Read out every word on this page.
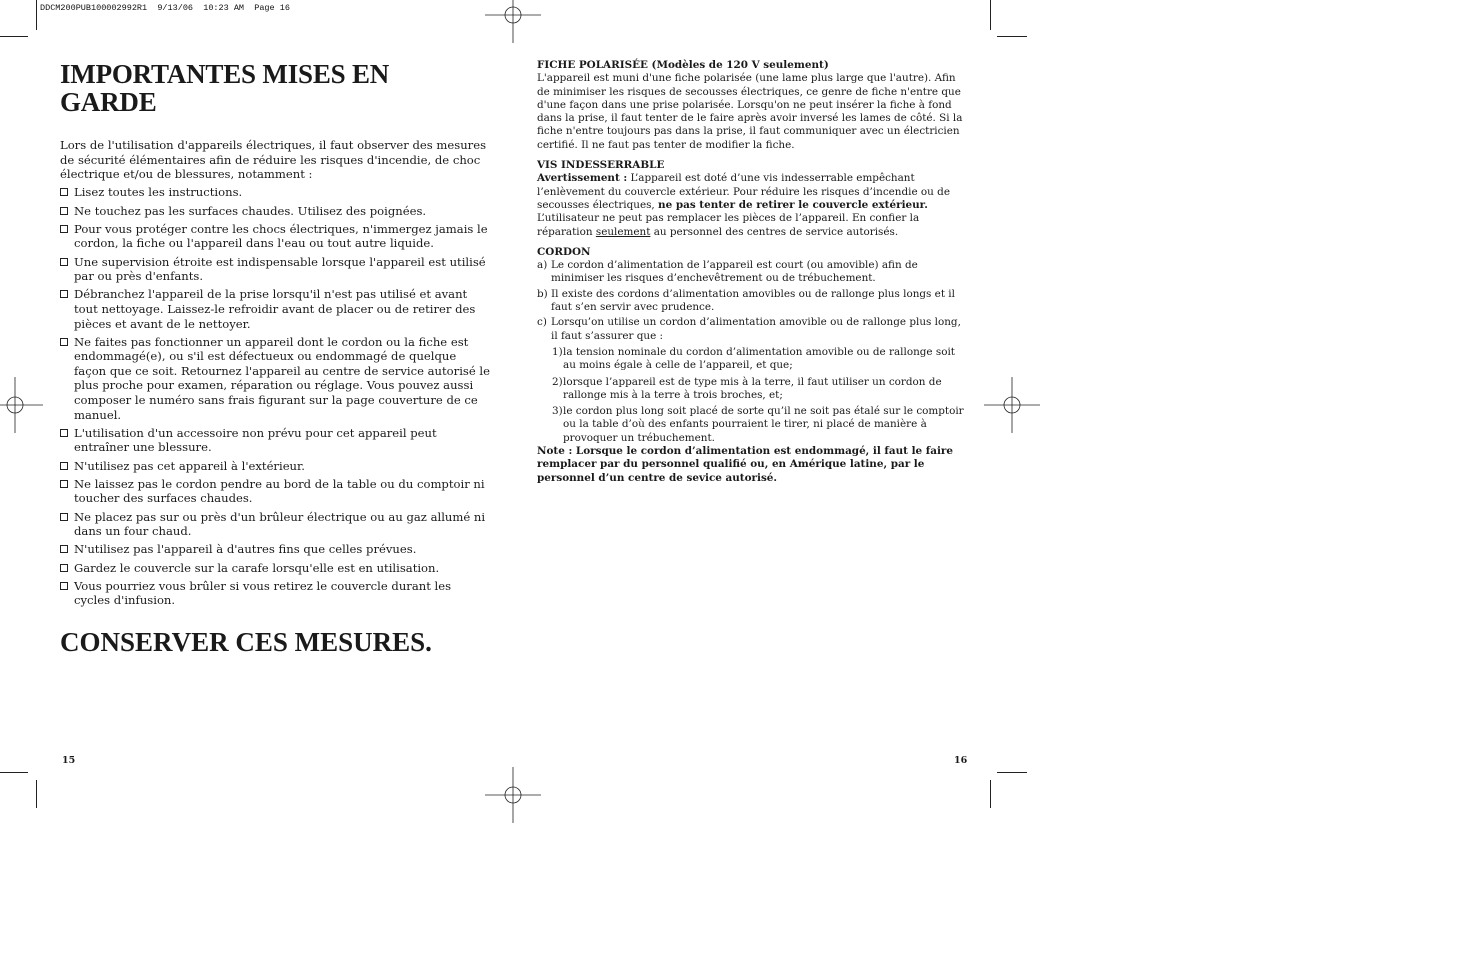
DDCM200PUB100002992R1  9/13/06  10:23 AM  Page 16
IMPORTANTES MISES EN GARDE

Lors de l'utilisation d'appareils électriques, il faut observer des mesures de sécurité élémentaires afin de réduire les risques d'incendie, de choc électrique et/ou de blessures, notamment :

Lisez toutes les instructions.
Ne touchez pas les surfaces chaudes. Utilisez des poignées.
Pour vous protéger contre les chocs électriques, n'immergez jamais le cordon, la fiche ou l'appareil dans l'eau ou tout autre liquide.
Une supervision étroite est indispensable lorsque l'appareil est utilisé par ou près d'enfants.
Débranchez l'appareil de la prise lorsqu'il n'est pas utilisé et avant tout nettoyage. Laissez-le refroidir avant de placer ou de retirer des pièces et avant de le nettoyer.
Ne faites pas fonctionner un appareil dont le cordon ou la fiche est endommagé(e), ou s'il est défectueux ou endommagé de quelque façon que ce soit. Retournez l'appareil au centre de service autorisé le plus proche pour examen, réparation ou réglage. Vous pouvez aussi composer le numéro sans frais figurant sur la page couverture de ce manuel.
L'utilisation d'un accessoire non prévu pour cet appareil peut entraîner une blessure.
N'utilisez pas cet appareil à l'extérieur.
Ne laissez pas le cordon pendre au bord de la table ou du comptoir ni toucher des surfaces chaudes.
Ne placez pas sur ou près d'un brûleur électrique ou au gaz allumé ni dans un four chaud.
N'utilisez pas l'appareil à d'autres fins que celles prévues.
Gardez le couvercle sur la carafe lorsqu'elle est en utilisation.
Vous pourriez vous brûler si vous retirez le couvercle durant les cycles d'infusion.
CONSERVER CES MESURES.
15
FICHE POLARISÉE (Modèles de 120 V seulement)

L'appareil est muni d'une fiche polarisée (une lame plus large que l'autre). Afin de minimiser les risques de secousses électriques, ce genre de fiche n'entre que d'une façon dans une prise polarisée. Lorsqu'on ne peut insérer la fiche à fond dans la prise, il faut tenter de le faire après avoir inversé les lames de côté. Si la fiche n'entre toujours pas dans la prise, il faut communiquer avec un électricien certifié. Il ne faut pas tenter de modifier la fiche.

VIS INDESSERRABLE

Avertissement : L’appareil est doté d’une vis indesserrable empêchant l’enlèvement du couvercle extérieur. Pour réduire les risques d’incendie ou de secousses électriques, ne pas tenter de retirer le couvercle extérieur. L’utilisateur ne peut pas remplacer les pièces de l’appareil. En confier la réparation seulement au personnel des centres de service autorisés.

CORDON
a) Le cordon d’alimentation de l’appareil est court (ou amovible) afin de minimiser les risques d’enchevêtrement ou de trébuchement.
b) Il existe des cordons d’alimentation amovibles ou de rallonge plus longs et il faut s’en servir avec prudence.
c) Lorsqu’on utilise un cordon d’alimentation amovible ou de rallonge plus long, il faut s’assurer que :
1) la tension nominale du cordon d’alimentation amovible ou de rallonge soit au moins égale à celle de l’appareil, et que;
2) lorsque l’appareil est de type mis à la terre, il faut utiliser un cordon de rallonge mis à la terre à trois broches, et;
3) le cordon plus long soit placé de sorte qu’il ne soit pas étalé sur le comptoir ou la table d’où des enfants pourraient le tirer, ni placé de manière à provoquer un trébuchement.

Note : Lorsque le cordon d’alimentation est endommagé, il faut le faire remplacer par du personnel qualifié ou, en Amérique latine, par le personnel d’un centre de sevice autorisé.

16
